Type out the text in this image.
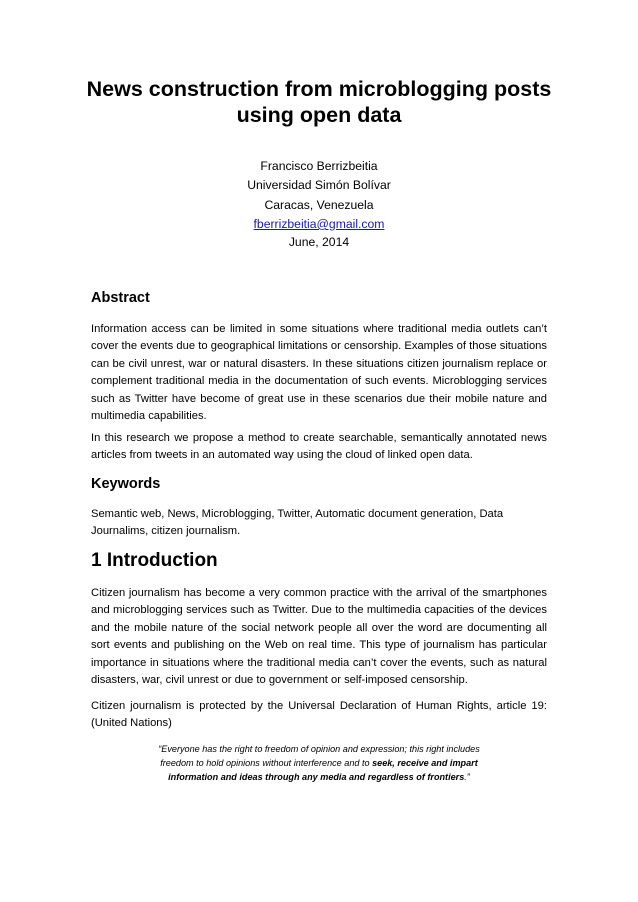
News construction from microblogging posts using open data
Francisco Berrizbeitia
Universidad Simón Bolívar
Caracas, Venezuela
fberrizbeitia@gmail.com
June, 2014
Abstract

Information access can be limited in some situations where traditional media outlets can’t cover the events due to geographical limitations or censorship. Examples of those situations can be civil unrest, war or natural disasters. In these situations citizen journalism replace or complement traditional media in the documentation of such events. Microblogging services such as Twitter have become of great use in these scenarios due their mobile nature and multimedia capabilities.

In this research we propose a method to create searchable, semantically annotated news articles from tweets in an automated way using the cloud of linked open data.

Keywords

Semantic web, News, Microblogging, Twitter, Automatic document generation, Data Journalims, citizen journalism.

1 Introduction

Citizen journalism has become a very common practice with the arrival of the smartphones and microblogging services such as Twitter. Due to the multimedia capacities of the devices and the mobile nature of the social network people all over the word are documenting all sort events and publishing on the Web on real time. This type of journalism has particular importance in situations where the traditional media can’t cover the events, such as natural disasters, war, civil unrest or due to government or self-imposed censorship.

Citizen journalism is protected by the Universal Declaration of Human Rights, article 19: (United Nations)

“Everyone has the right to freedom of opinion and expression; this right includes freedom to hold opinions without interference and to seek, receive and impart information and ideas through any media and regardless of frontiers.”
